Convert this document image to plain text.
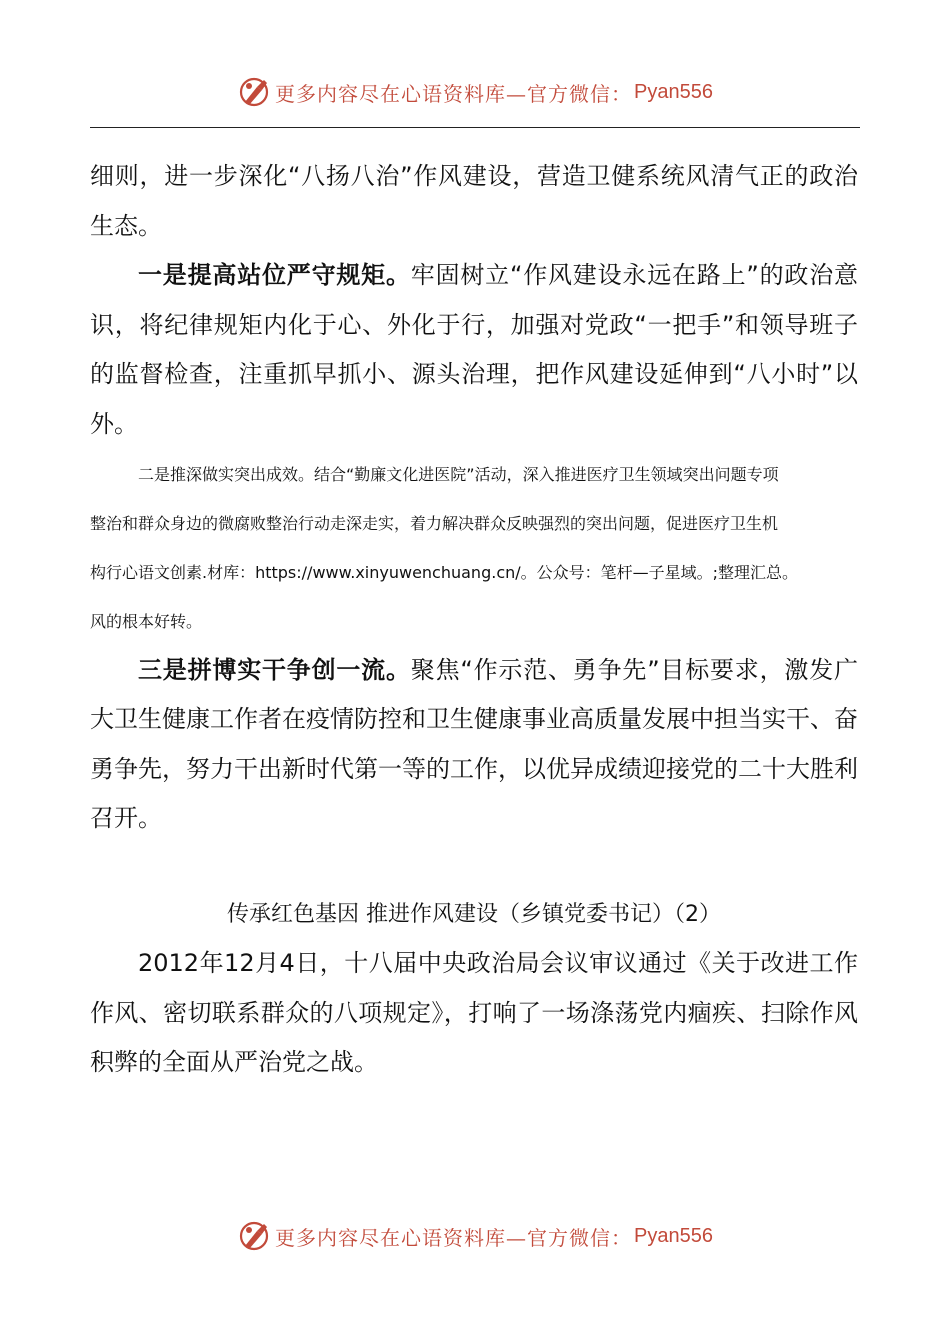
更多内容尽在心语资料库—官方微信： Pyan556

细则，进一步深化“八扬八治”作风建设，营造卫健系统风清气正的政治生态。

一是提高站位严守规矩。牢固树立“作风建设永远在路上”的政治意识，将纪律规矩内化于心、外化于行，加强对党政“一把手”和领导班子的监督检查，注重抓早抓小、源头治理，把作风建设延伸到“八小时”以外。

二是推深做实突出成效。结合“勤廉文化进医院”活动，深入推进医疗卫生领域突出问题专项

整治和群众身边的微腐败整治行动走深走实，着力解决群众反映强烈的突出问题，促进医疗卫生机

构行心语文创素.材库：https://www.xinyuwenchuang.cn/。公众号：笔杆—子星域。;整理汇总。

风的根本好转。

三是拼博实干争创一流。聚焦“作示范、勇争先”目标要求，激发广大卫生健康工作者在疫情防控和卫生健康事业高质量发展中担当实干、奋勇争先，努力干出新时代第一等的工作，以优异成绩迎接党的二十大胜利召开。

传承红色基因 推进作风建设（乡镇党委书记）（2）

2012年12月4日，十八届中央政治局会议审议通过《关于改进工作作风、密切联系群众的八项规定》，打响了一场涤荡党内痼疾、扫除作风积弊的全面从严治党之战。

更多内容尽在心语资料库—官方微信： Pyan556
